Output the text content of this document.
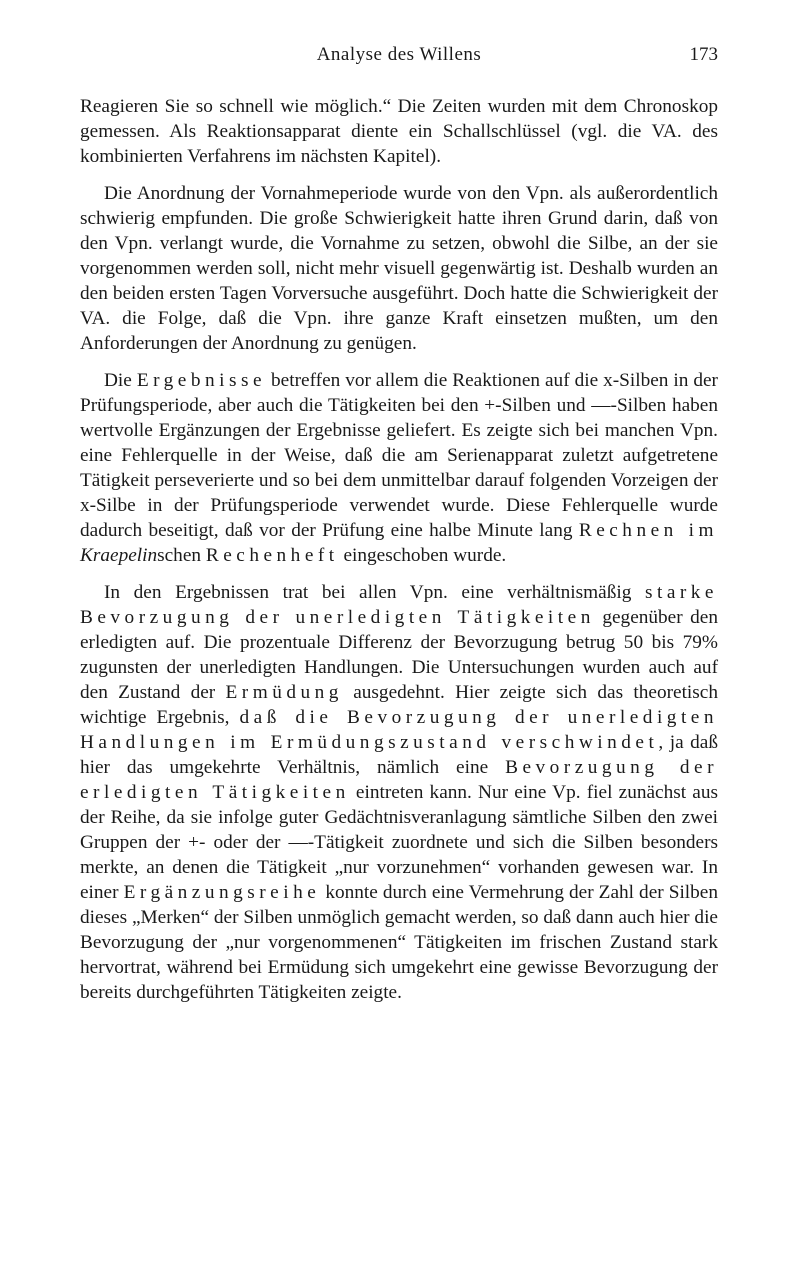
Analyse des Willens	173

Reagieren Sie so schnell wie möglich.“ Die Zeiten wurden mit dem Chronoskop gemessen. Als Reaktionsapparat diente ein Schallschlüssel (vgl. die VA. des kombinierten Verfahrens im nächsten Kapitel).

Die Anordnung der Vornahmeperiode wurde von den Vpn. als außerordentlich schwierig empfunden. Die große Schwierigkeit hatte ihren Grund darin, daß von den Vpn. verlangt wurde, die Vornahme zu setzen, obwohl die Silbe, an der sie vorgenommen werden soll, nicht mehr visuell gegenwärtig ist. Deshalb wurden an den beiden ersten Tagen Vorversuche ausgeführt. Doch hatte die Schwierigkeit der VA. die Folge, daß die Vpn. ihre ganze Kraft einsetzen mußten, um den Anforderungen der Anordnung zu genügen.

Die Ergebnisse betreffen vor allem die Reaktionen auf die x-Silben in der Prüfungsperiode, aber auch die Tätigkeiten bei den +-Silben und —-Silben haben wertvolle Ergänzungen der Ergebnisse geliefert. Es zeigte sich bei manchen Vpn. eine Fehlerquelle in der Weise, daß die am Serienapparat zuletzt aufgetretene Tätigkeit perseverierte und so bei dem unmittelbar darauf folgenden Vorzeigen der x-Silbe in der Prüfungsperiode verwendet wurde. Diese Fehlerquelle wurde dadurch beseitigt, daß vor der Prüfung eine halbe Minute lang Rechnen im Kraepelinschen Rechenheft eingeschoben wurde.

In den Ergebnissen trat bei allen Vpn. eine verhältnismäßig starke Bevorzugung der unerledigten Tätigkeiten gegenüber den erledigten auf. Die prozentuale Differenz der Bevorzugung betrug 50 bis 79% zugunsten der unerledigten Handlungen. Die Untersuchungen wurden auch auf den Zustand der Ermüdung ausgedehnt. Hier zeigte sich das theoretisch wichtige Ergebnis, daß die Bevorzugung der unerledigten Handlungen im Ermüdungszustand verschwindet, ja daß hier das umgekehrte Verhältnis, nämlich eine Bevorzugung der erledigten Tätigkeiten eintreten kann. Nur eine Vp. fiel zunächst aus der Reihe, da sie infolge guter Gedächtnisveranlagung sämtliche Silben den zwei Gruppen der +- oder der —-Tätigkeit zuordnete und sich die Silben besonders merkte, an denen die Tätigkeit „nur vorzunehmen“ vorhanden gewesen war. In einer Ergänzungsreihe konnte durch eine Vermehrung der Zahl der Silben dieses „Merken“ der Silben unmöglich gemacht werden, so daß dann auch hier die Bevorzugung der „nur vorgenommenen“ Tätigkeiten im frischen Zustand stark hervortrat, während bei Ermüdung sich umgekehrt eine gewisse Bevorzugung der bereits durchgeführten Tätigkeiten zeigte.
